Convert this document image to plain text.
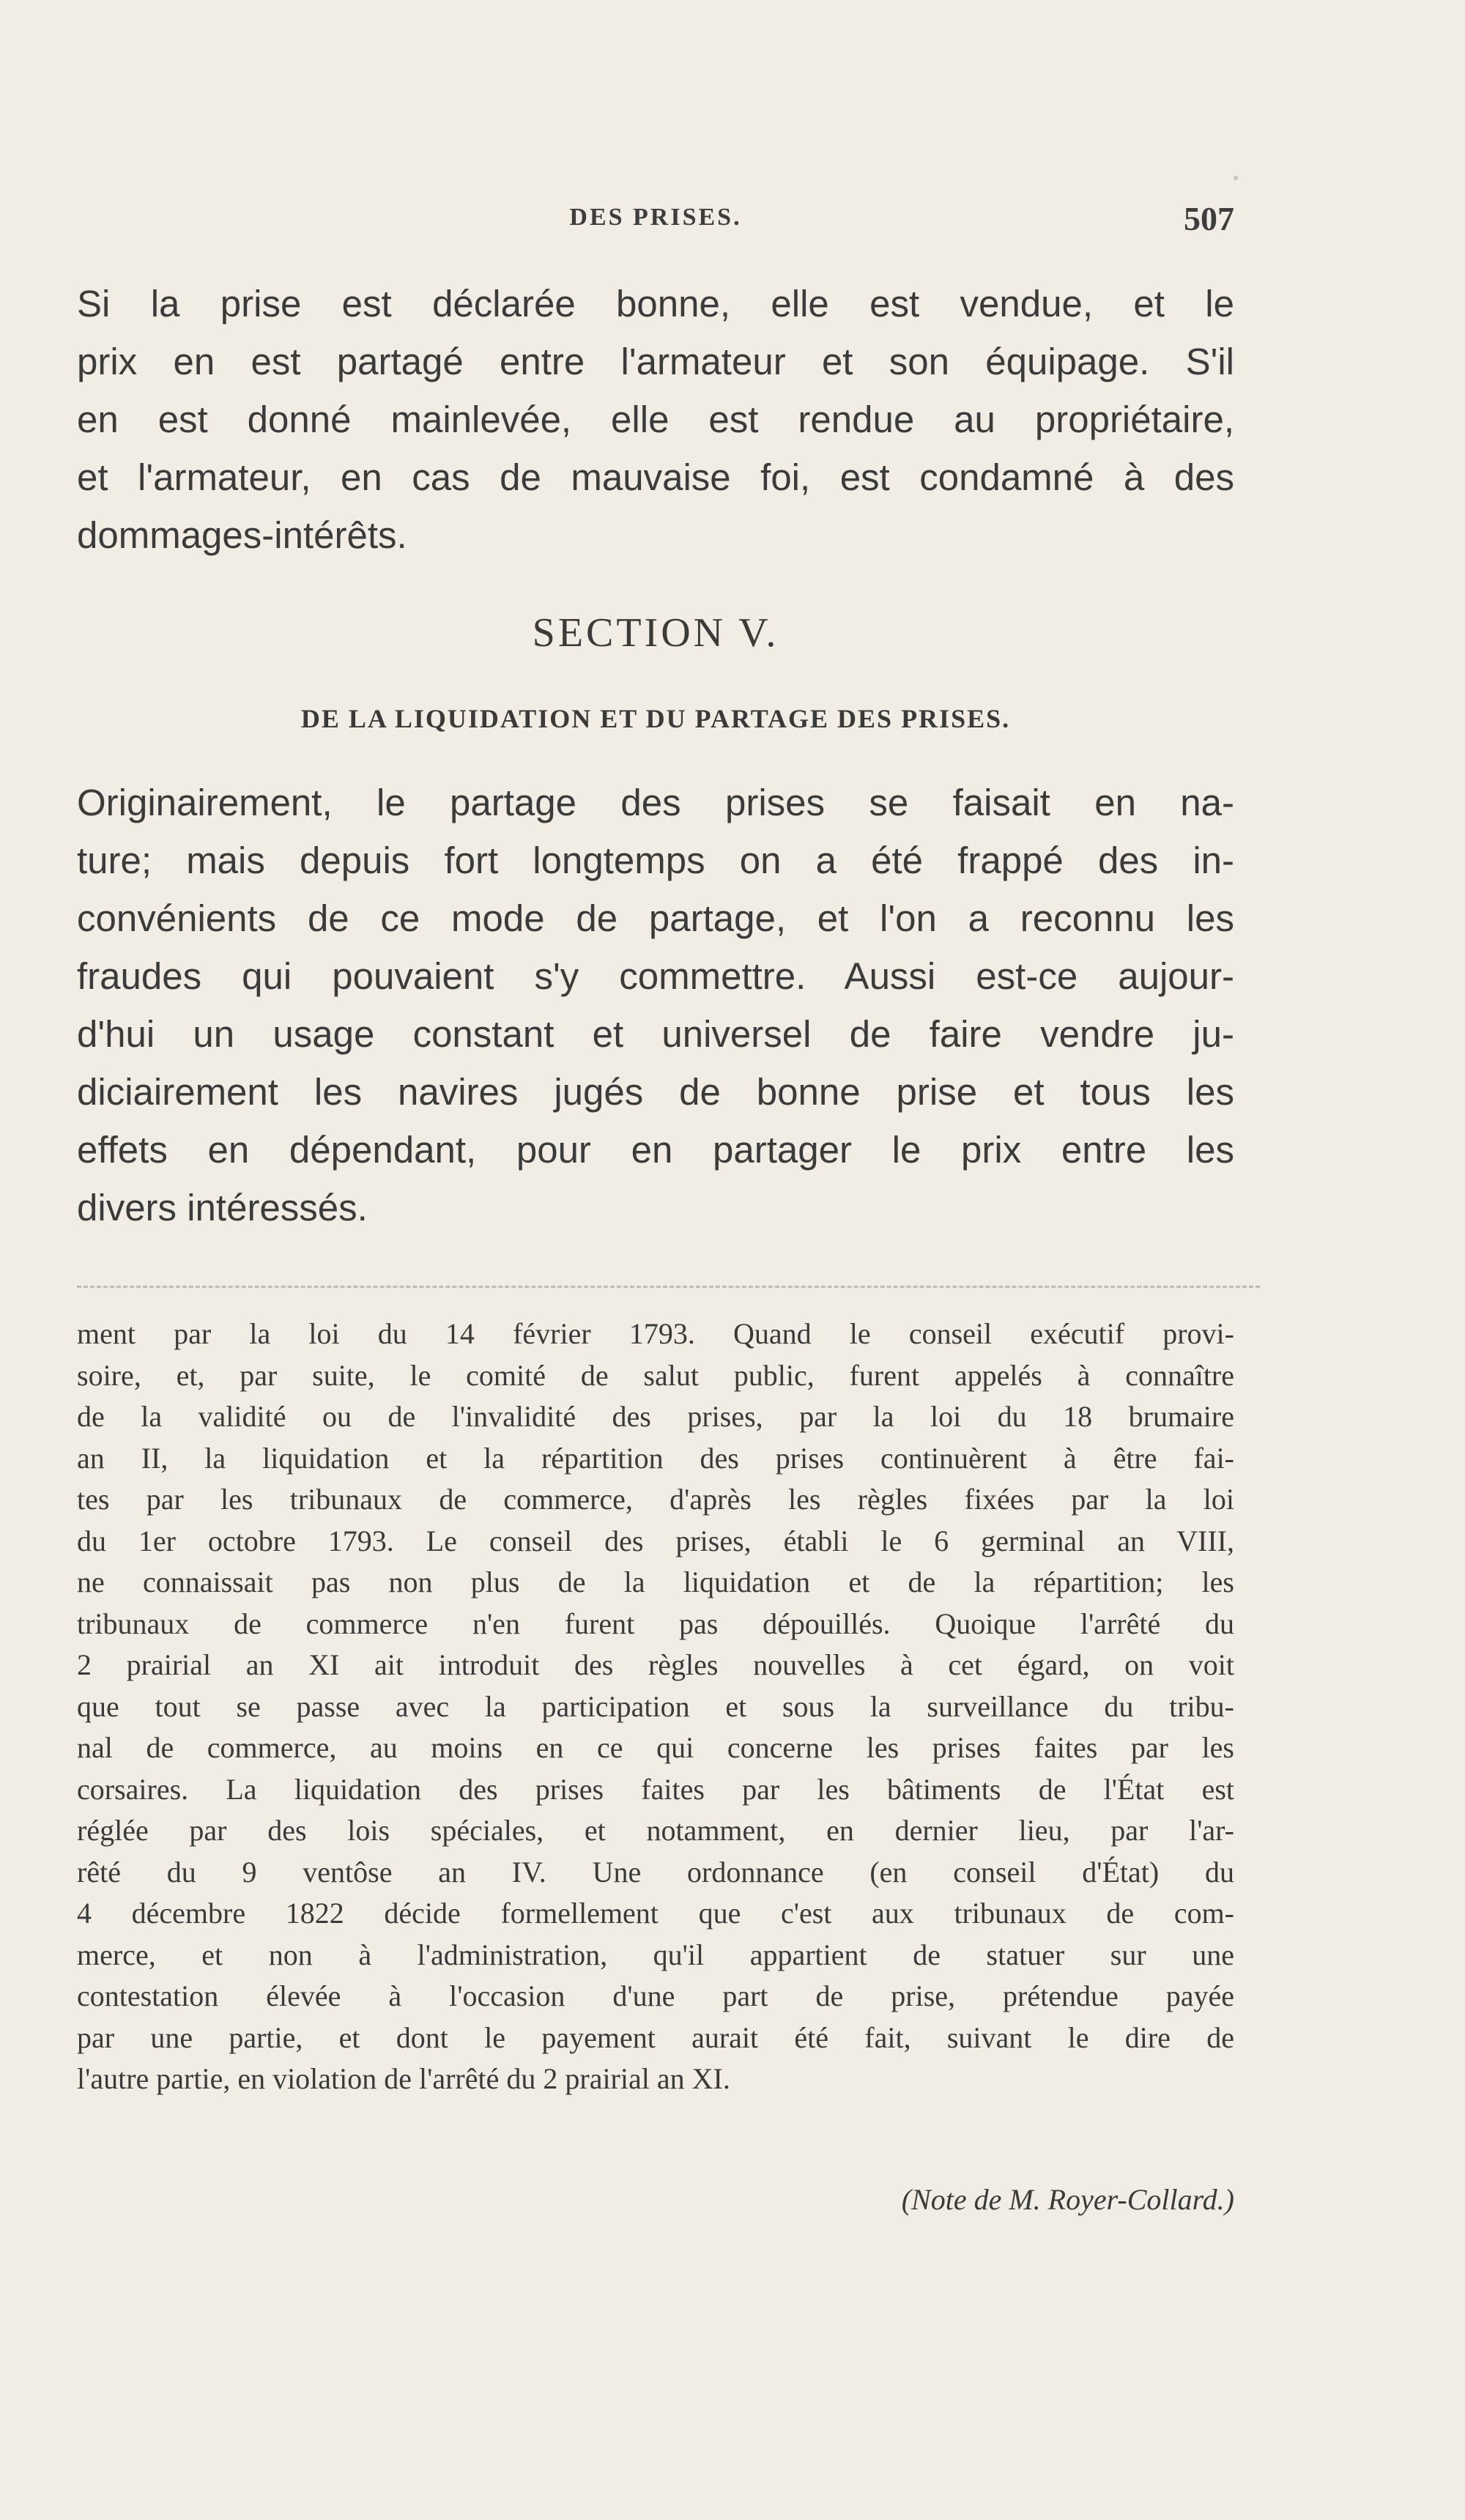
DES PRISES.	507
Si la prise est déclarée bonne, elle est vendue, et le
prix en est partagé entre l'armateur et son équipage. S'il
en est donné mainlevée, elle est rendue au propriétaire,
et l'armateur, en cas de mauvaise foi, est condamné à des
dommages-intérêts.
SECTION V.
DE LA LIQUIDATION ET DU PARTAGE DES PRISES.
Originairement, le partage des prises se faisait en na-
ture; mais depuis fort longtemps on a été frappé des in-
convénients de ce mode de partage, et l'on a reconnu les
fraudes qui pouvaient s'y commettre. Aussi est-ce aujour-
d'hui un usage constant et universel de faire vendre ju-
diciairement les navires jugés de bonne prise et tous les
effets en dépendant, pour en partager le prix entre les
divers intéressés.
ment par la loi du 14 février 1793. Quand le conseil exécutif provi-
soire, et, par suite, le comité de salut public, furent appelés à connaître
de la validité ou de l'invalidité des prises, par la loi du 18 brumaire
an II, la liquidation et la répartition des prises continuèrent à être fai-
tes par les tribunaux de commerce, d'après les règles fixées par la loi
du 1er octobre 1793. Le conseil des prises, établi le 6 germinal an VIII,
ne connaissait pas non plus de la liquidation et de la répartition; les
tribunaux de commerce n'en furent pas dépouillés. Quoique l'arrêté du
2 prairial an XI ait introduit des règles nouvelles à cet égard, on voit
que tout se passe avec la participation et sous la surveillance du tribu-
nal de commerce, au moins en ce qui concerne les prises faites par les
corsaires. La liquidation des prises faites par les bâtiments de l'État est
réglée par des lois spéciales, et notamment, en dernier lieu, par l'ar-
rêté du 9 ventôse an IV. Une ordonnance (en conseil d'État) du
4 décembre 1822 décide formellement que c'est aux tribunaux de com-
merce, et non à l'administration, qu'il appartient de statuer sur une
contestation élevée à l'occasion d'une part de prise, prétendue payée
par une partie, et dont le payement aurait été fait, suivant le dire de
l'autre partie, en violation de l'arrêté du 2 prairial an XI.
(Note de M. Royer-Collard.)
